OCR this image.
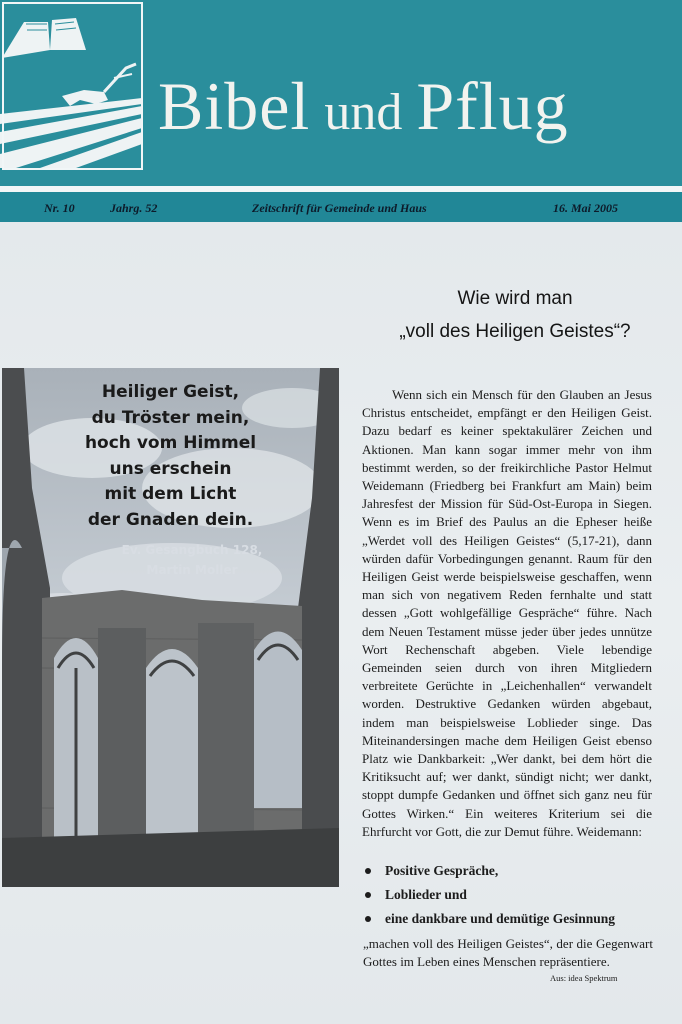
Bibel und Pflug
Nr. 10	Jahrg. 52	Zeitschrift für Gemeinde und Haus	16. Mai 2005
Wie wird man
„voll des Heiligen Geistes“?
Heiliger Geist,
du Tröster mein,
hoch vom Himmel
uns erschein
mit dem Licht
der Gnaden dein.
Ev. Gesangbuch 128,
Martin Moller

Wenn sich ein Mensch für den Glauben an Jesus Christus entscheidet, empfängt er den Heiligen Geist. Dazu bedarf es keiner spektakulärer Zeichen und Aktionen. Man kann sogar immer mehr von ihm bestimmt werden, so der freikirchliche Pastor Helmut Weidemann (Friedberg bei Frankfurt am Main) beim Jahresfest der Mission für Süd-Ost-Europa in Siegen. Wenn es im Brief des Paulus an die Epheser heiße „Werdet voll des Heiligen Geistes“ (5,17-21), dann würden dafür Vorbedingungen genannt. Raum für den Heiligen Geist werde beispielsweise geschaffen, wenn man sich von negativem Reden fernhalte und statt dessen „Gott wohlgefällige Gespräche“ führe. Nach dem Neuen Testament müsse jeder über jedes unnütze Wort Rechenschaft abgeben. Viele lebendige Gemeinden seien durch von ihren Mitgliedern verbreitete Gerüchte in „Leichenhallen“ verwandelt worden. Destruktive Gedanken würden abgebaut, indem man beispielsweise Loblieder singe. Das Miteinandersingen mache dem Heiligen Geist ebenso Platz wie Dankbarkeit: „Wer dankt, bei dem hört die Kritiksucht auf; wer dankt, sündigt nicht; wer dankt, stoppt dumpfe Gedanken und öffnet sich ganz neu für Gottes Wirken.“ Ein weiteres Kriterium sei die Ehrfurcht vor Gott, die zur Demut führe. Weidemann:

Positive Gespräche,
Loblieder und
eine dankbare und demütige Gesinnung
„machen voll des Heiligen Geistes“, der die Gegenwart Gottes im Leben eines Menschen repräsentiere.
Aus: idea Spektrum
